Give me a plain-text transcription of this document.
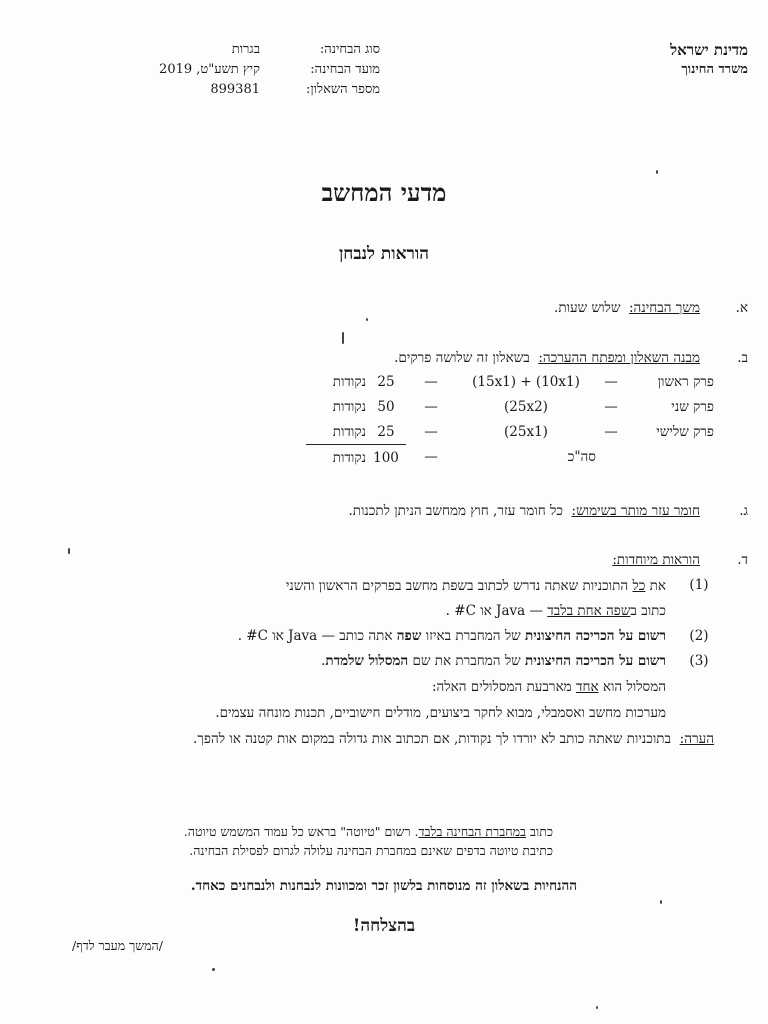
סוג הבחינה:
בגרות
מועד הבחינה:
קיץ תשע"ט, 2019
מספר השאלון:
899381
מדינת ישראל
משרד החינוך
מדעי המחשב
הוראות לנבחן
א.
משך הבחינה:  שלוש שעות.
ב.
מבנה השאלון ומפתח ההערכה:  בשאלון זה שלושה פרקים.
פרק ראשון	—	(15x1) + (10x1)	—	25	נקודות
פרק שני	—	(25x2)	—	50	נקודות
פרק שלישי	—	(25x1)	—	25	נקודות
		סה"כ	—	100	נקודות
ג.
חומר עזר מותר בשימוש:  כל חומר עזר, חוץ ממחשב הניתן לתכנות.
ד.
הוראות מיוחדות:
(1)
את כל התוכניות שאתה נדרש לכתוב בשפת מחשב בפרקים הראשון והשני
כתוב בשפה אחת בלבד — Java או C# .
(2)
רשום על הכריכה החיצונית של המחברת באיזו שפה אתה כותב — Java או C# .
(3)
רשום על הכריכה החיצונית של המחברת את שם המסלול שלמדת.
המסלול הוא אחד מארבעת המסלולים האלה:
מערכות מחשב ואסמבלי, מבוא לחקר ביצועים, מודלים חישוביים, תכנות מונחה עצמים.
הערה:  בתוכניות שאתה כותב לא יורדו לך נקודות, אם תכתוב אות גדולה במקום אות קטנה או להפך.
כתוב במחברת הבחינה בלבד. רשום "טיוטה" בראש כל עמוד המשמש טיוטה.
כתיבת טיוטה בדפים שאינם במחברת הבחינה עלולה לגרום לפסילת הבחינה.
ההנחיות בשאלון זה מנוסחות בלשון זכר ומכוונות לנבחנות ולנבחנים כאחד.
בהצלחה!
/המשך מעבר לדף/
